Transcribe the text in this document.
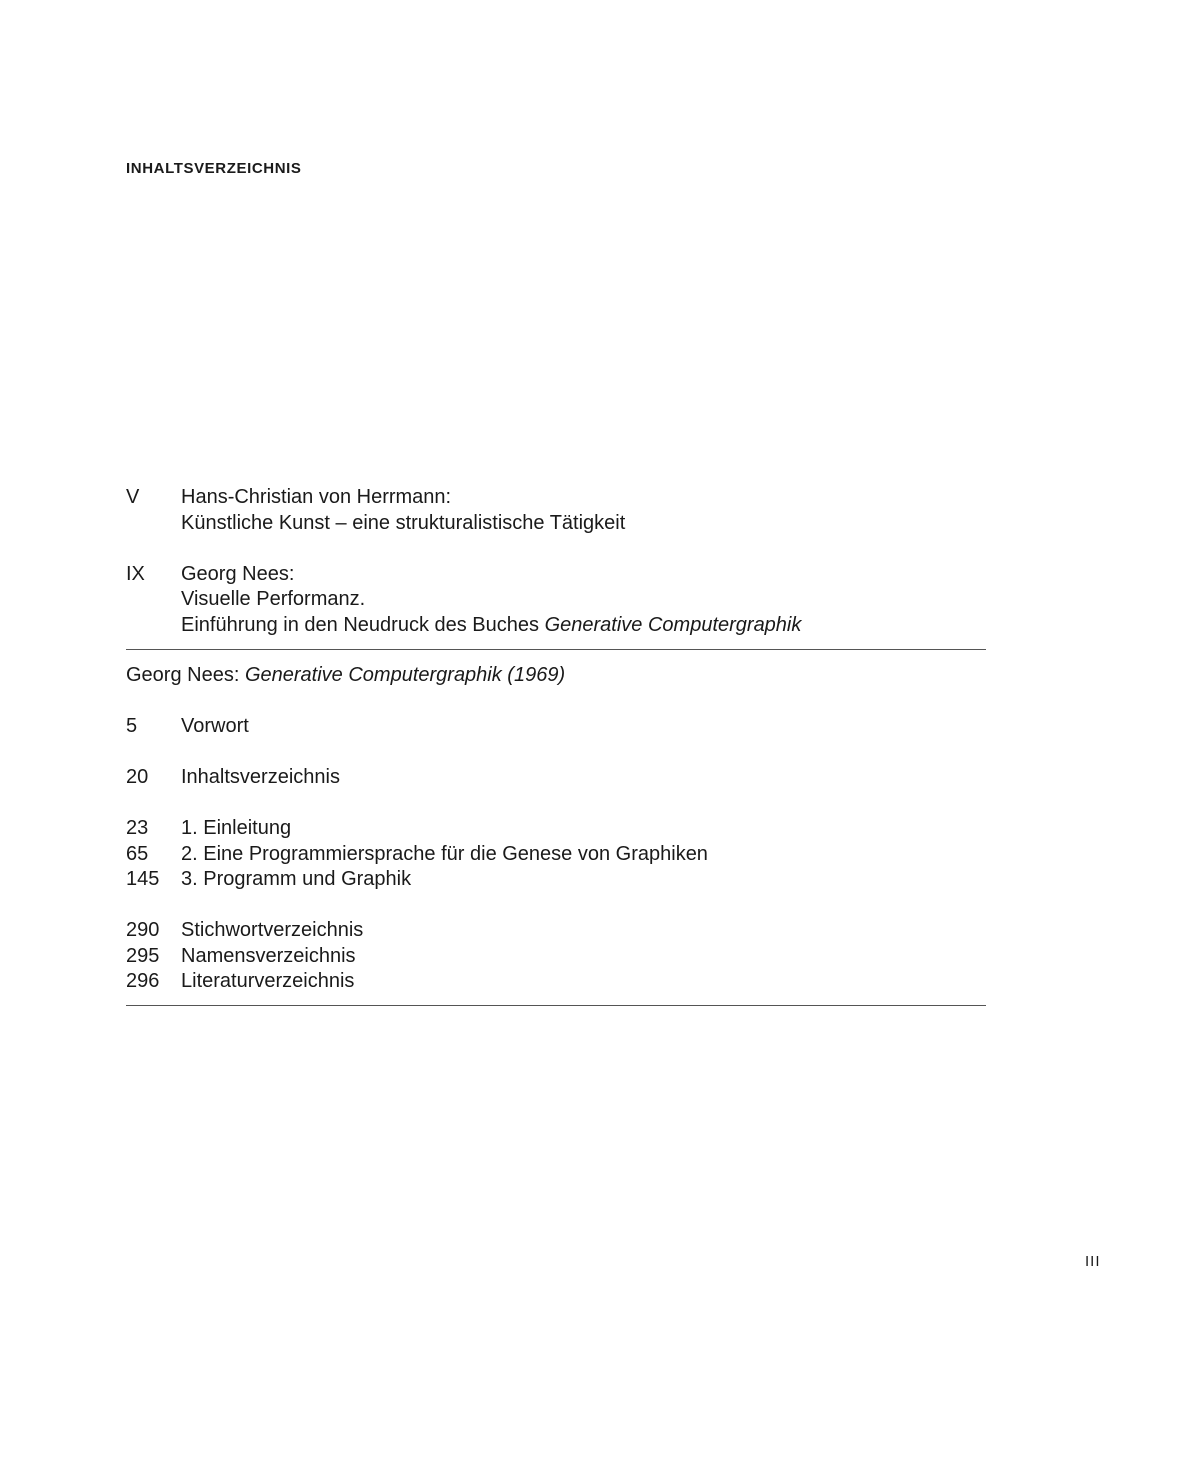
INHALTSVERZEICHNIS
V Hans-Christian von Herrmann:
Künstliche Kunst – eine strukturalistische Tätigkeit
IX Georg Nees:
Visuelle Performanz.
Einführung in den Neudruck des Buches Generative Computergraphik
Georg Nees: Generative Computergraphik (1969)
5 Vorwort
20 Inhaltsverzeichnis
23 1. Einleitung
65 2. Eine Programmiersprache für die Genese von Graphiken
145 3. Programm und Graphik
290 Stichwortverzeichnis
295 Namensverzeichnis
296 Literaturverzeichnis
III
